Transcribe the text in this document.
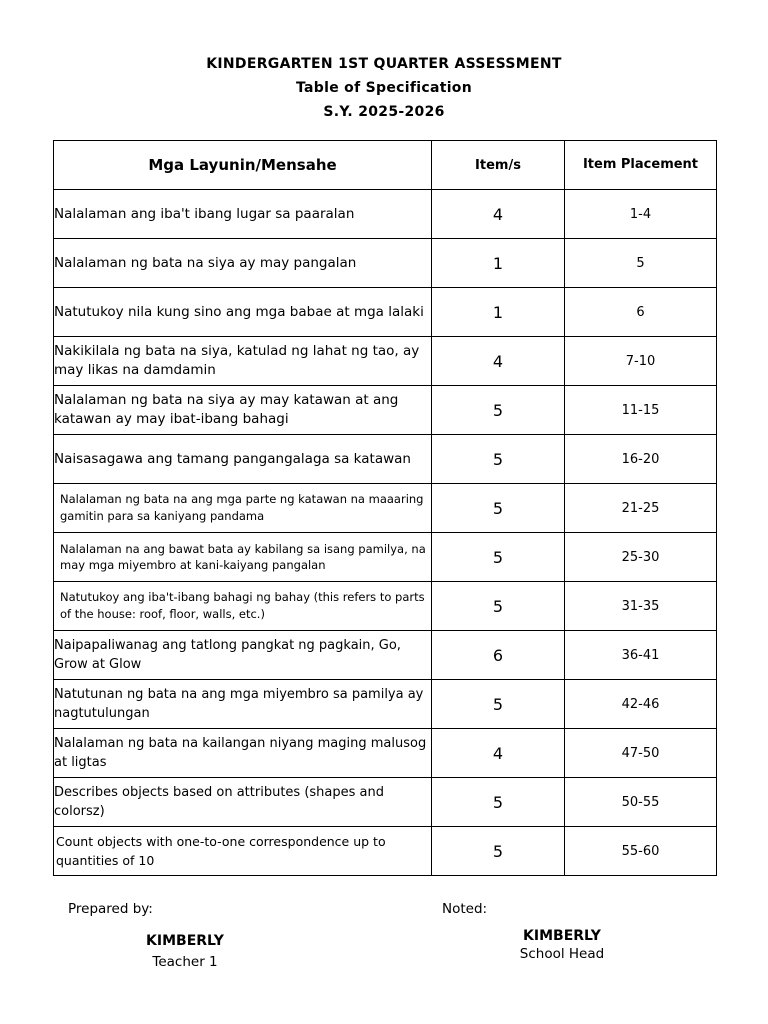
KINDERGARTEN 1ST QUARTER ASSESSMENT
Table of Specification
S.Y. 2025-2026
Mga Layunin/Mensahe	Item/s	Item Placement
Nalalaman ang iba't ibang lugar sa paaralan	4	1-4
Nalalaman ng bata na siya ay may pangalan	1	5
Natutukoy nila kung sino ang mga babae at mga lalaki	1	6
Nakikilala ng bata na siya, katulad ng lahat ng tao, ay may likas na damdamin	4	7-10
Nalalaman ng bata na siya ay may katawan at ang katawan ay may ibat-ibang bahagi	5	11-15
Naisasagawa ang tamang pangangalaga sa katawan	5	16-20
Nalalaman ng bata na ang mga parte ng katawan na maaaring gamitin para sa kaniyang pandama	5	21-25
Nalalaman na ang bawat bata ay kabilang sa isang pamilya, na may mga miyembro at kani-kaiyang pangalan	5	25-30
Natutukoy ang iba't-ibang bahagi ng bahay (this refers to parts of the house: roof, floor, walls, etc.)	5	31-35
Naipapaliwanag ang tatlong pangkat ng pagkain, Go, Grow at Glow	6	36-41
Natutunan ng bata na ang mga miyembro sa pamilya ay nagtutulungan	5	42-46
Nalalaman ng bata na kailangan niyang maging malusog at ligtas	4	47-50
Describes objects based on attributes (shapes and colorsz)	5	50-55
Count objects with one-to-one correspondence up to quantities of 10	5	55-60
Prepared by:	Noted:
KIMBERLY
Teacher 1
KIMBERLY
School Head
